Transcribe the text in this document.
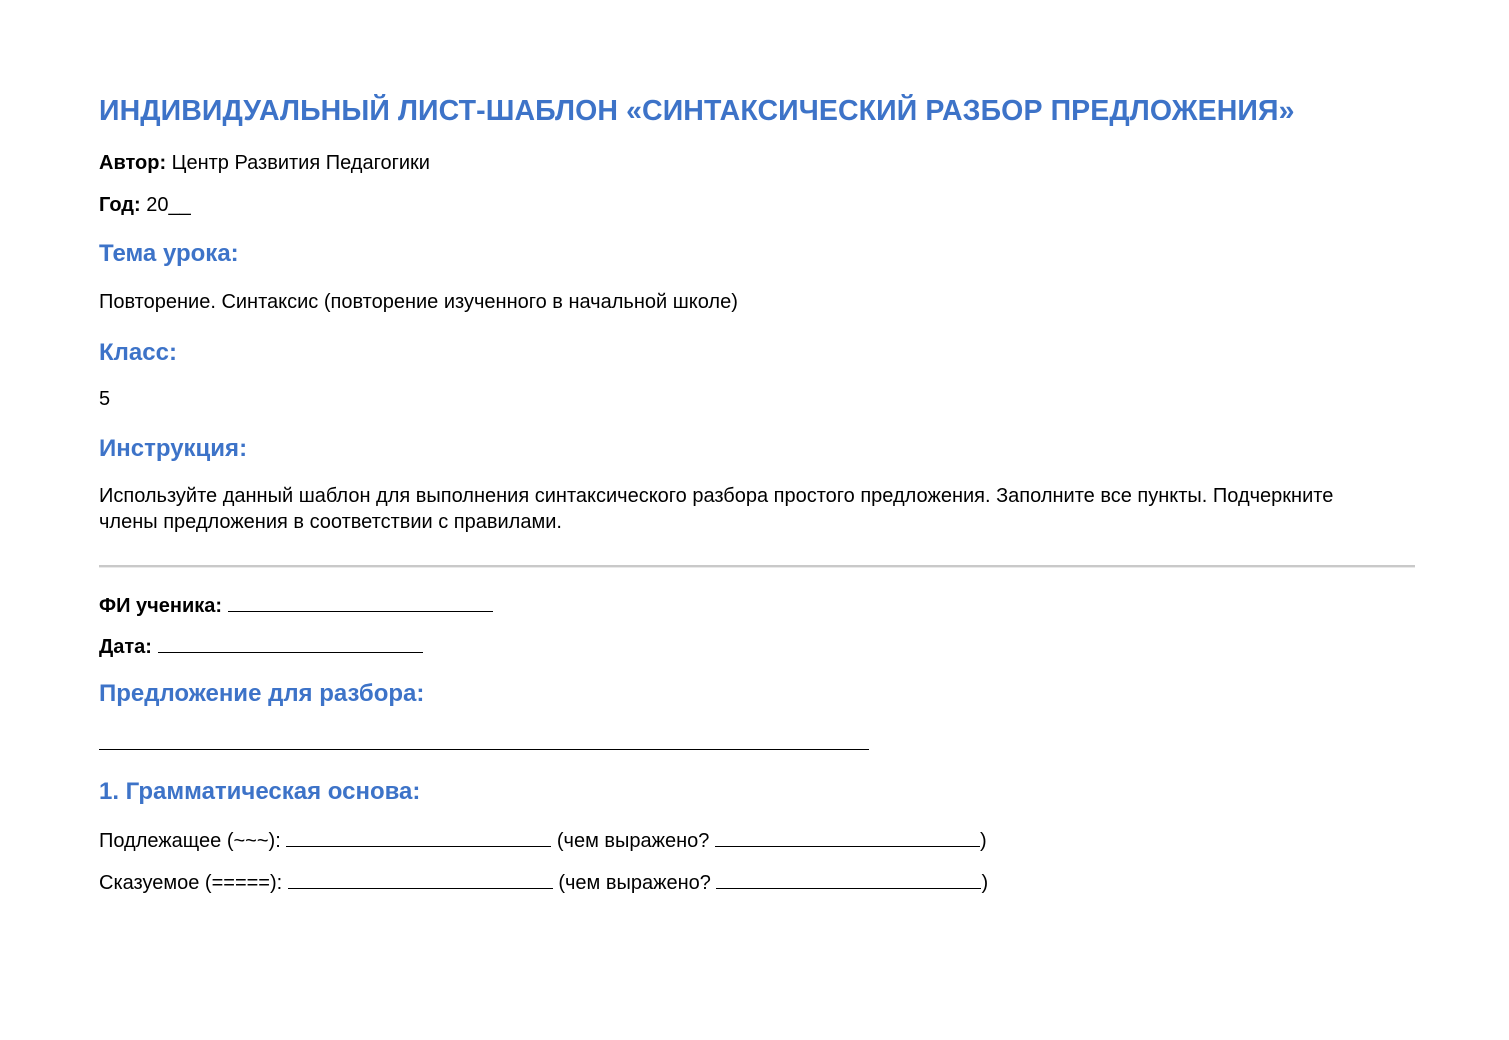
ИНДИВИДУАЛЬНЫЙ ЛИСТ-ШАБЛОН «СИНТАКСИЧЕСКИЙ РАЗБОР ПРЕДЛОЖЕНИЯ»
Автор: Центр Развития Педагогики
Год: 20__
Тема урока:
Повторение. Синтаксис (повторение изученного в начальной школе)
Класс:
5
Инструкция:
Используйте данный шаблон для выполнения синтаксического разбора простого предложения. Заполните все пункты. Подчеркните члены предложения в соответствии с правилами.
ФИ ученика:
Дата:
Предложение для разбора:
1. Грамматическая основа:
Подлежащее (~~~):	(чем выражено?	)
Сказуемое (=====):	(чем выражено?	)
